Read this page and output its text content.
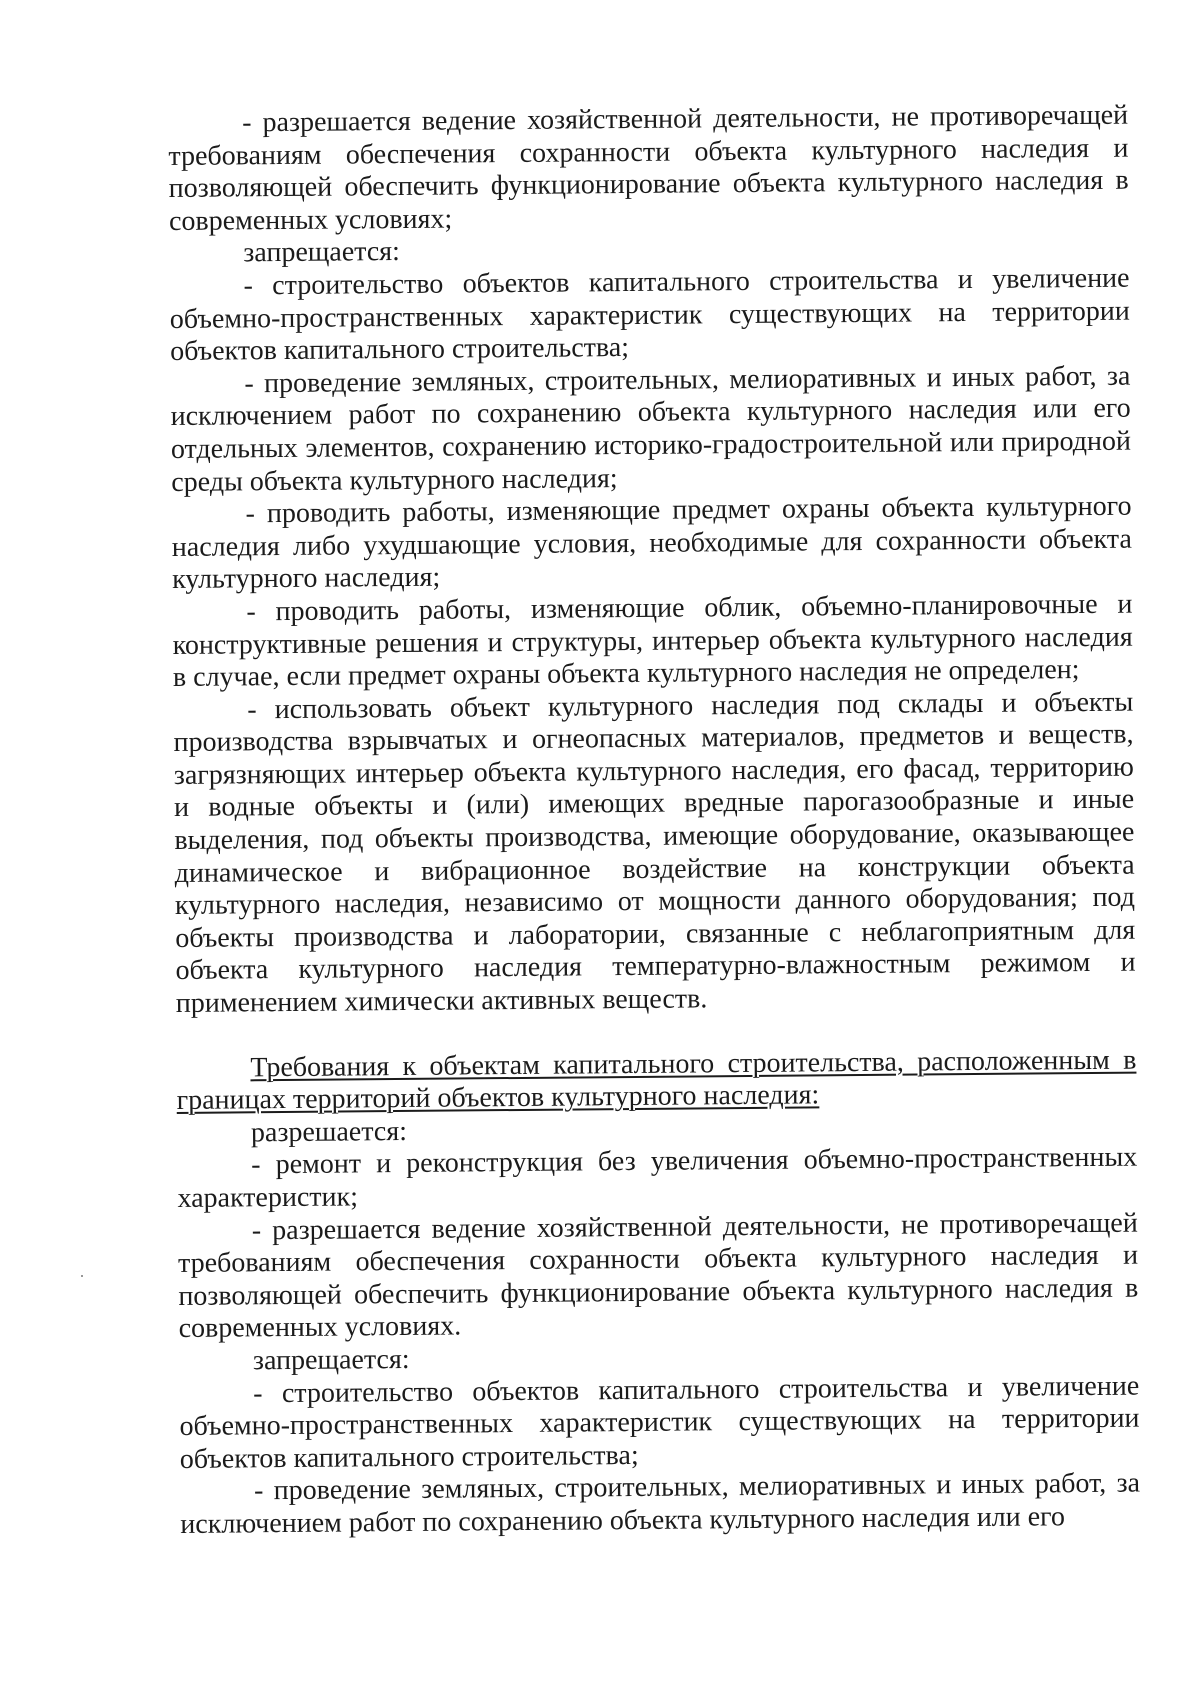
- разрешается ведение хозяйственной деятельности, не противоречащей требованиям обеспечения сохранности объекта культурного наследия и позволяющей обеспечить функционирование объекта культурного наследия в современных условиях;

запрещается:

- строительство объектов капитального строительства и увеличение объемно-пространственных характеристик существующих на территории объектов капитального строительства;

- проведение земляных, строительных, мелиоративных и иных работ, за исключением работ по сохранению объекта культурного наследия или его отдельных элементов, сохранению историко-градостроительной или природной среды объекта культурного наследия;

- проводить работы, изменяющие предмет охраны объекта культурного наследия либо ухудшающие условия, необходимые для сохранности объекта культурного наследия;

- проводить работы, изменяющие облик, объемно-планировочные и конструктивные решения и структуры, интерьер объекта культурного наследия в случае, если предмет охраны объекта культурного наследия не определен;

- использовать объект культурного наследия под склады и объекты производства взрывчатых и огнеопасных материалов, предметов и веществ, загрязняющих интерьер объекта культурного наследия, его фасад, территорию и водные объекты и (или) имеющих вредные парогазообразные и иные выделения, под объекты производства, имеющие оборудование, оказывающее динамическое и вибрационное воздействие на конструкции объекта культурного наследия, независимо от мощности данного оборудования; под объекты производства и лаборатории, связанные с неблагоприятным для объекта культурного наследия температурно-влажностным режимом и применением химически активных веществ.

Требования к объектам капитального строительства, расположенным в границах территорий объектов культурного наследия:

разрешается:

- ремонт и реконструкция без увеличения объемно-пространственных характеристик;

- разрешается ведение хозяйственной деятельности, не противоречащей требованиям обеспечения сохранности объекта культурного наследия и позволяющей обеспечить функционирование объекта культурного наследия в современных условиях.

запрещается:

- строительство объектов капитального строительства и увеличение объемно-пространственных характеристик существующих на территории объектов капитального строительства;

- проведение земляных, строительных, мелиоративных и иных работ, за исключением работ по сохранению объекта культурного наследия или его
